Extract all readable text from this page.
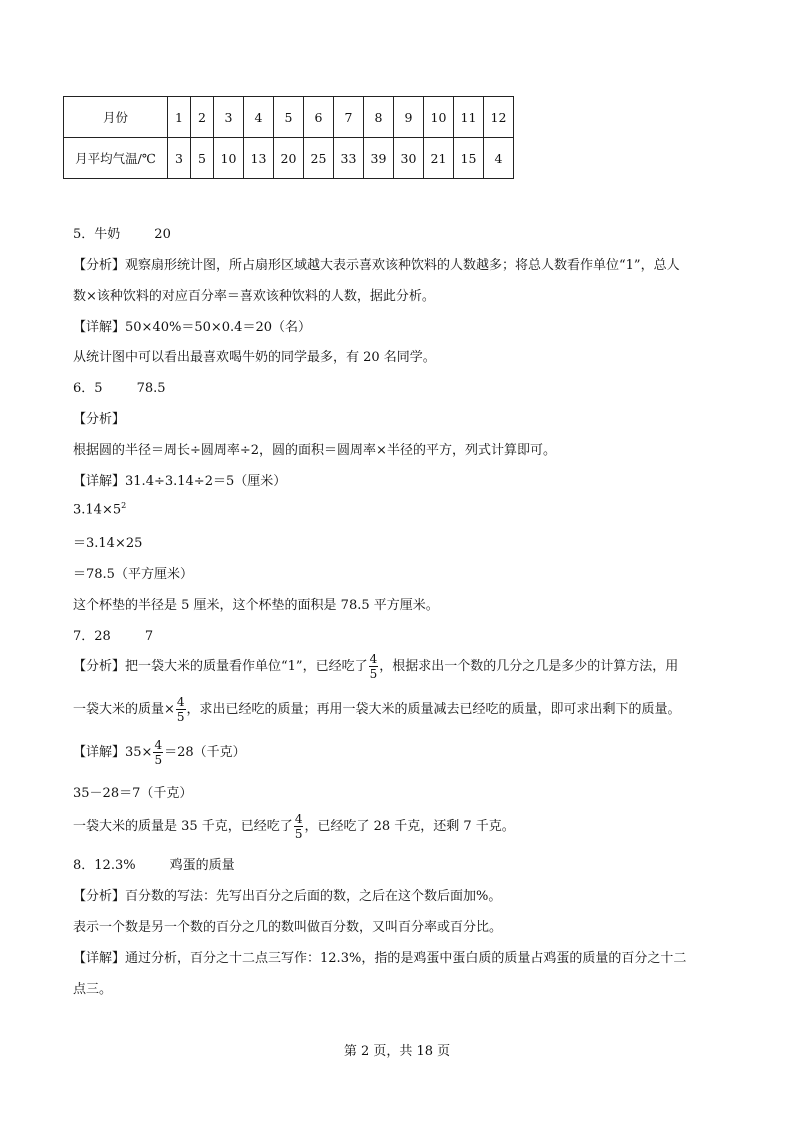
月份	1	2	3	4	5	6	7	8	9	10	11	12
月平均气温/℃	3	5	10	13	20	25	33	39	30	21	15	4
5．牛奶	20
【分析】观察扇形统计图，所占扇形区域越大表示喜欢该种饮料的人数越多；将总人数看作单位“1”，总人
数×该种饮料的对应百分率＝喜欢该种饮料的人数，据此分析。
【详解】50×40%＝50×0.4＝20（名）
从统计图中可以看出最喜欢喝牛奶的同学最多，有 20 名同学。
6．5	78.5
【分析】
根据圆的半径＝周长÷圆周率÷2，圆的面积＝圆周率×半径的平方，列式计算即可。
【详解】31.4÷3.14÷2＝5（厘米）
$3.14\times 5^2$
＝3.14×25
＝78.5（平方厘米）
这个杯垫的半径是 5 厘米，这个杯垫的面积是 78.5 平方厘米。
7．28	7
【分析】把一袋大米的质量看作单位“1”，已经吃了 $\frac{4}{5}$ ，根据求出一个数的几分之几是多少的计算方法，用
一袋大米的质量× $\frac{4}{5}$ ，求出已经吃的质量；再用一袋大米的质量减去已经吃的质量，即可求出剩下的质量。
【详解】$35\times \frac{4}{5} =28$（千克）
35－28＝7（千克）
一袋大米的质量是 35 千克，已经吃了 $\frac{4}{5}$ ，已经吃了 28 千克，还剩 7 千克。
8．12.3%	鸡蛋的质量
【分析】百分数的写法：先写出百分之后面的数，之后在这个数后面加%。
表示一个数是另一个数的百分之几的数叫做百分数，又叫百分率或百分比。
【详解】通过分析，百分之十二点三写作：12.3%，指的是鸡蛋中蛋白质的质量占鸡蛋的质量的百分之十二
点三。
第 2 页，共 18 页
